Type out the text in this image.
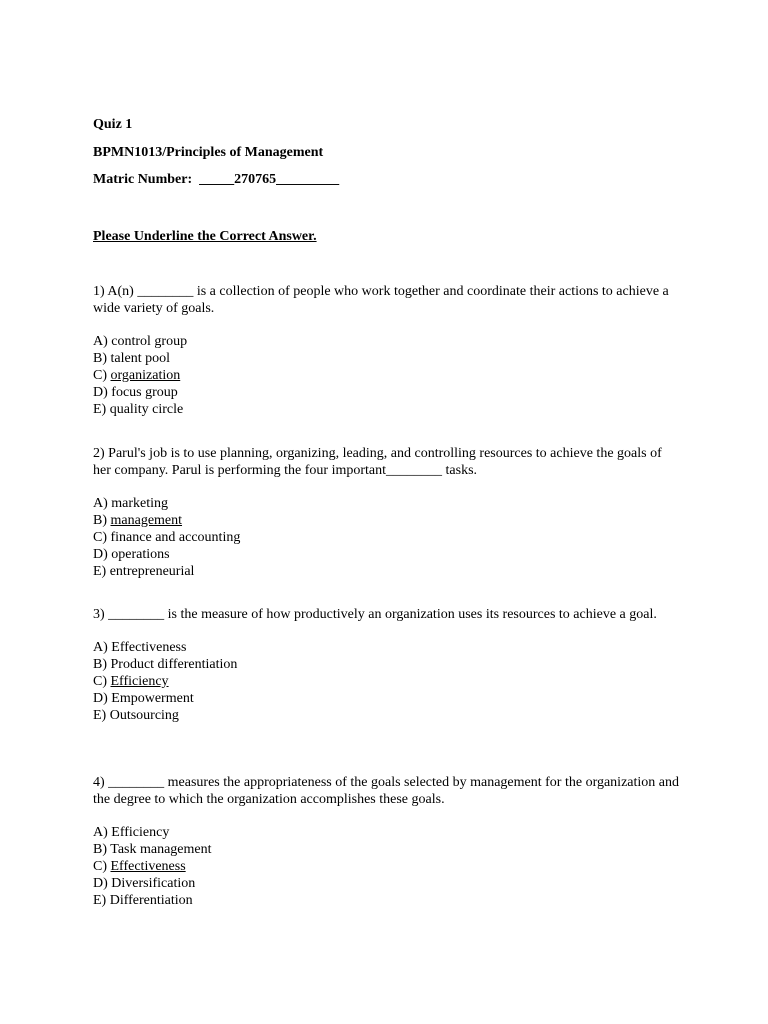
Quiz 1
BPMN1013/Principles of Management
Matric Number: _____270765_________
Please Underline the Correct Answer.

1) A(n) ________ is a collection of people who work together and coordinate their actions to achieve a wide variety of goals.

A) control group
B) talent pool
C) organization
D) focus group
E) quality circle

2) Parul's job is to use planning, organizing, leading, and controlling resources to achieve the goals of her company. Parul is performing the four important________ tasks.

A) marketing
B) management
C) finance and accounting
D) operations
E) entrepreneurial

3) ________ is the measure of how productively an organization uses its resources to achieve a goal.

A) Effectiveness
B) Product differentiation
C) Efficiency
D) Empowerment
E) Outsourcing

4) ________ measures the appropriateness of the goals selected by management for the organization and the degree to which the organization accomplishes these goals.

A) Efficiency
B) Task management
C) Effectiveness
D) Diversification
E) Differentiation
